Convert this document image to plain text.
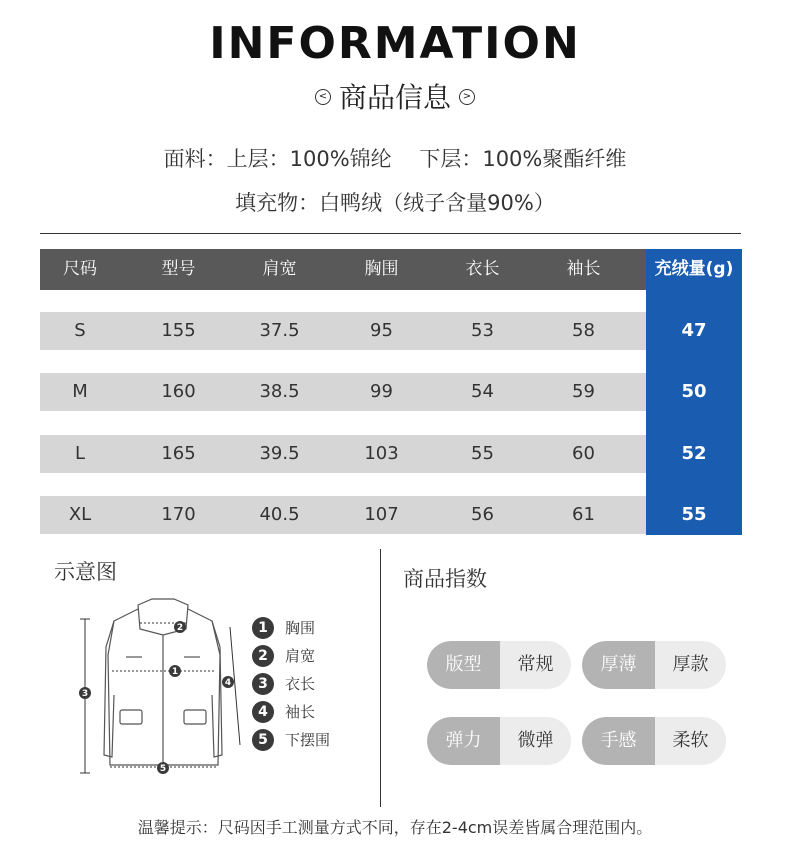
INFORMATION
< 商品信息 >
面料：上层：100%锦纶　 下层：100%聚酯纤维
填充物：白鸭绒（绒子含量90%）
尺码	型号	肩宽	胸围	衣长	袖长	充绒量(g)
S	155	37.5	95	53	58	47
M	160	38.5	99	54	59	50
L	165	39.5	103	55	60	52
XL	170	40.5	107	56	61	55
示意图
3
1
2
4
5
1	胸围
2	肩宽
3	衣长
4	袖长
5	下摆围
商品指数
版型	常规	厚薄	厚款
弹力	微弹	手感	柔软
温馨提示：尺码因手工测量方式不同，存在2-4cm误差皆属合理范围内。
